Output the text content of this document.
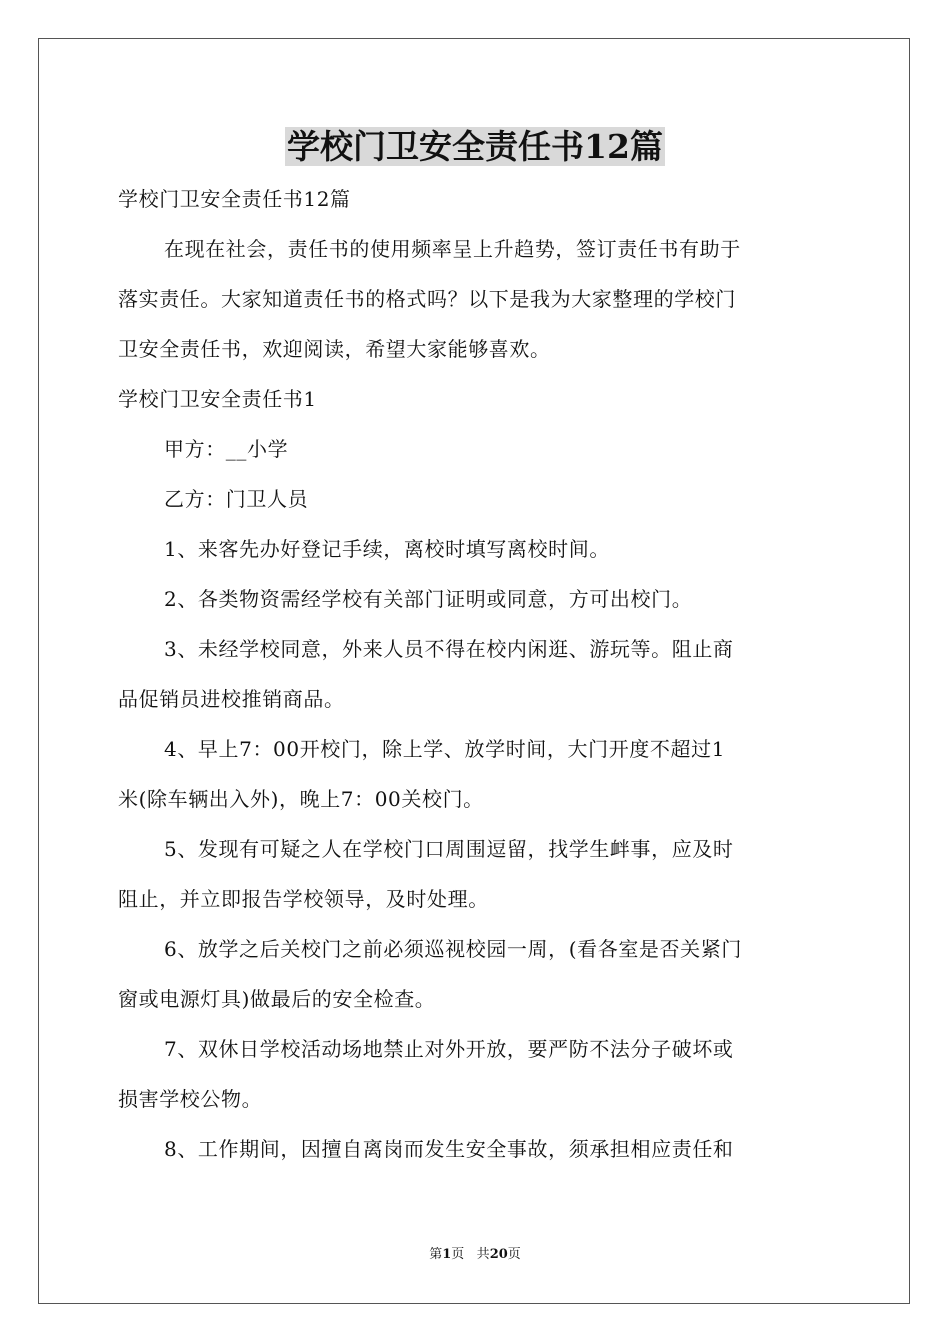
学校门卫安全责任书12篇
学校门卫安全责任书12篇
在现在社会，责任书的使用频率呈上升趋势，签订责任书有助于
落实责任。大家知道责任书的格式吗？以下是我为大家整理的学校门
卫安全责任书，欢迎阅读，希望大家能够喜欢。
学校门卫安全责任书1
甲方：__小学
乙方：门卫人员
1、来客先办好登记手续，离校时填写离校时间。
2、各类物资需经学校有关部门证明或同意，方可出校门。
3、未经学校同意，外来人员不得在校内闲逛、游玩等。阻止商
品促销员进校推销商品。
4、早上7：00开校门，除上学、放学时间，大门开度不超过1
米(除车辆出入外)，晚上7：00关校门。
5、发现有可疑之人在学校门口周围逗留，找学生衅事，应及时
阻止，并立即报告学校领导，及时处理。
6、放学之后关校门之前必须巡视校园一周，(看各室是否关紧门
窗或电源灯具)做最后的安全检查。
7、双休日学校活动场地禁止对外开放，要严防不法分子破坏或
损害学校公物。
8、工作期间，因擅自离岗而发生安全事故，须承担相应责任和
第1页 共20页
